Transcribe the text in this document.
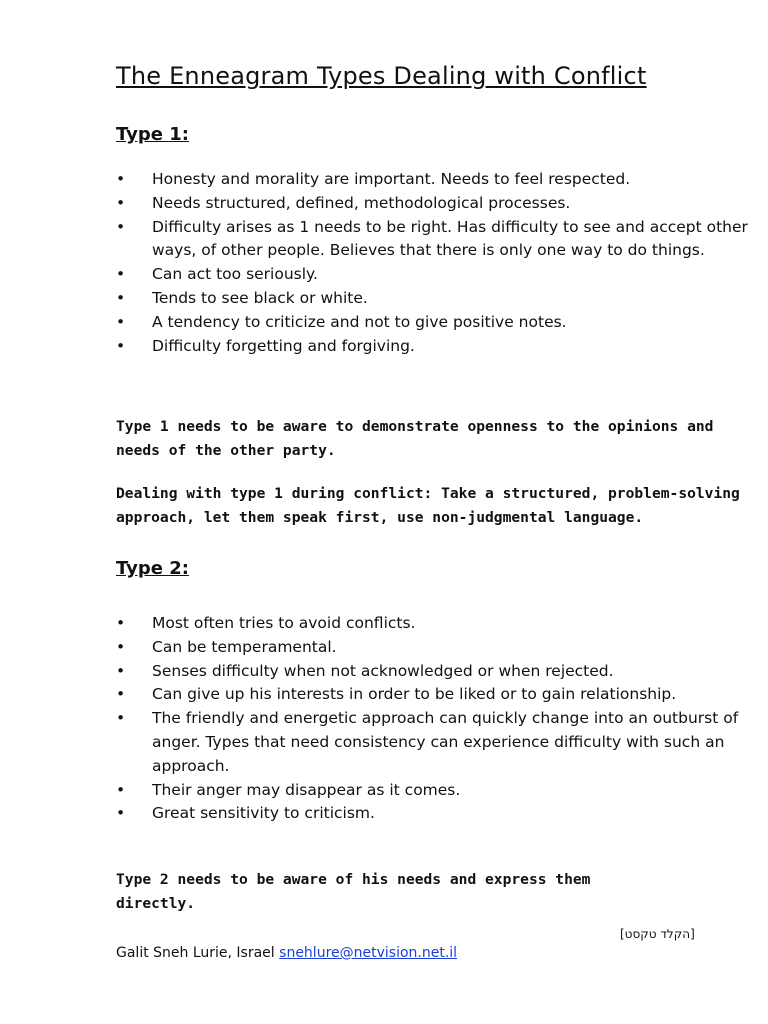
The Enneagram Types Dealing with Conflict
Type 1:
• Honesty and morality are important. Needs to feel respected.
• Needs structured, defined, methodological processes.
• Difficulty arises as 1 needs to be right. Has difficulty to see and accept other ways, of other people. Believes that there is only one way to do things.
• Can act too seriously.
• Tends to see black or white.
• A tendency to criticize and not to give positive notes.
• Difficulty forgetting and forgiving.

Type 1 needs to be aware to demonstrate openness to the opinions and needs of the other party.

Dealing with type 1 during conflict: Take a structured, problem-solving approach, let them speak first, use non-judgmental language.

Type 2:
• Most often tries to avoid conflicts.
• Can be temperamental.
• Senses difficulty when not acknowledged or when rejected.
• Can give up his interests in order to be liked or to gain relationship.
• The friendly and energetic approach can quickly change into an outburst of anger. Types that need consistency can experience difficulty with such an approach.
• Their anger may disappear as it comes.
• Great sensitivity to criticism.

Type 2 needs to be aware of his needs and express them directly.

[הקלד טקסט]
Galit Sneh Lurie, Israel snehlure@netvision.net.il
